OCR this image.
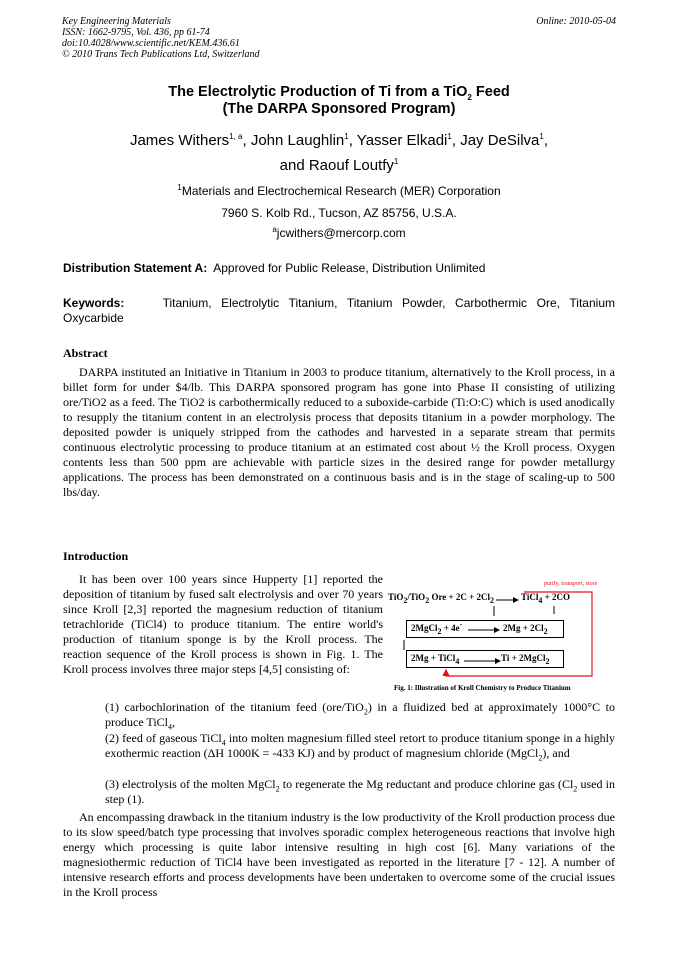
Key Engineering Materials
ISSN: 1662-9795, Vol. 436, pp 61-74
doi:10.4028/www.scientific.net/KEM.436.61
© 2010 Trans Tech Publications Ltd, Switzerland
Online: 2010-05-04
The Electrolytic Production of Ti from a TiO$_2$ Feed
(The DARPA Sponsored Program)
James Withers$^{1, a}$, John Laughlin$^1$, Yasser Elkadi$^1$, Jay DeSilva$^1$,
and Raouf Loutfy$^1$
$^1$Materials and Electrochemical Research (MER) Corporation
7960 S. Kolb Rd., Tucson, AZ 85756, U.S.A.
$^a$jcwithers@mercorp.com
Distribution Statement A: Approved for Public Release, Distribution Unlimited
Keywords:	Titanium, Electrolytic Titanium, Titanium Powder, Carbothermic Ore, Titanium Oxycarbide
Abstract
DARPA instituted an Initiative in Titanium in 2003 to produce titanium, alternatively to the Kroll process, in a billet form for under $4/lb. This DARPA sponsored program has gone into Phase II consisting of utilizing ore/TiO2 as a feed. The TiO2 is carbothermically reduced to a suboxide-carbide (Ti:O:C) which is used anodically to resupply the titanium content in an electrolysis process that deposits titanium in a powder morphology. The deposited powder is uniquely stripped from the cathodes and harvested in a separate stream that permits continuous electrolytic processing to produce titanium at an estimated cost about ½ the Kroll process. Oxygen contents less than 500 ppm are achievable with particle sizes in the desired range for powder metallurgy applications. The process has been demonstrated on a continuous basis and is in the stage of scaling-up to 500 lbs/day.
Introduction
It has been over 100 years since Hupperty [1] reported the deposition of titanium by fused salt electrolysis and over 70 years since Kroll [2,3] reported the magnesium reduction of titanium tetrachloride (TiCl4) to produce titanium. The entire world's production of titanium sponge is by the Kroll process. The reaction sequence of the Kroll process is shown in Fig. 1. The Kroll process involves three major steps [4,5] consisting of:
purify, transport, store
TiO$_2$/TiO$_2$ Ore + $2C + 2Cl_2$	TiCl$_4$ + 2CO
2MgCl$_2$ + 4e-	$2Mg + 2Cl_2$
2Mg + TiCl$_4$	Ti + 2MgCl$_2$
Fig. 1: Illustration of Kroll Chemistry to Produce Titanium
(1) carbochlorination of the titanium feed (ore/TiO$_2$) in a fluidized bed at approximately 1000°C to produce TiCl$_4$,
(2) feed of gaseous TiCl$_4$ into molten magnesium filled steel retort to produce titanium sponge in a highly exothermic reaction (ΔH 1000K = -433 KJ) and by product of magnesium chloride (MgCl$_2$), and
(3) electrolysis of the molten MgCl$_2$ to regenerate the Mg reductant and produce chlorine gas ($Cl_2$ used in step (1).
An encompassing drawback in the titanium industry is the low productivity of the Kroll production process due to its slow speed/batch type processing that involves sporadic complex heterogeneous reactions that involve high energy which processing is quite labor intensive resulting in high cost [6]. Many variations of the magnesiothermic reduction of TiCl4 have been investigated as reported in the literature [7 - 12]. A number of intensive research efforts and process developments have been undertaken to overcome some of the crucial issues in the Kroll process
